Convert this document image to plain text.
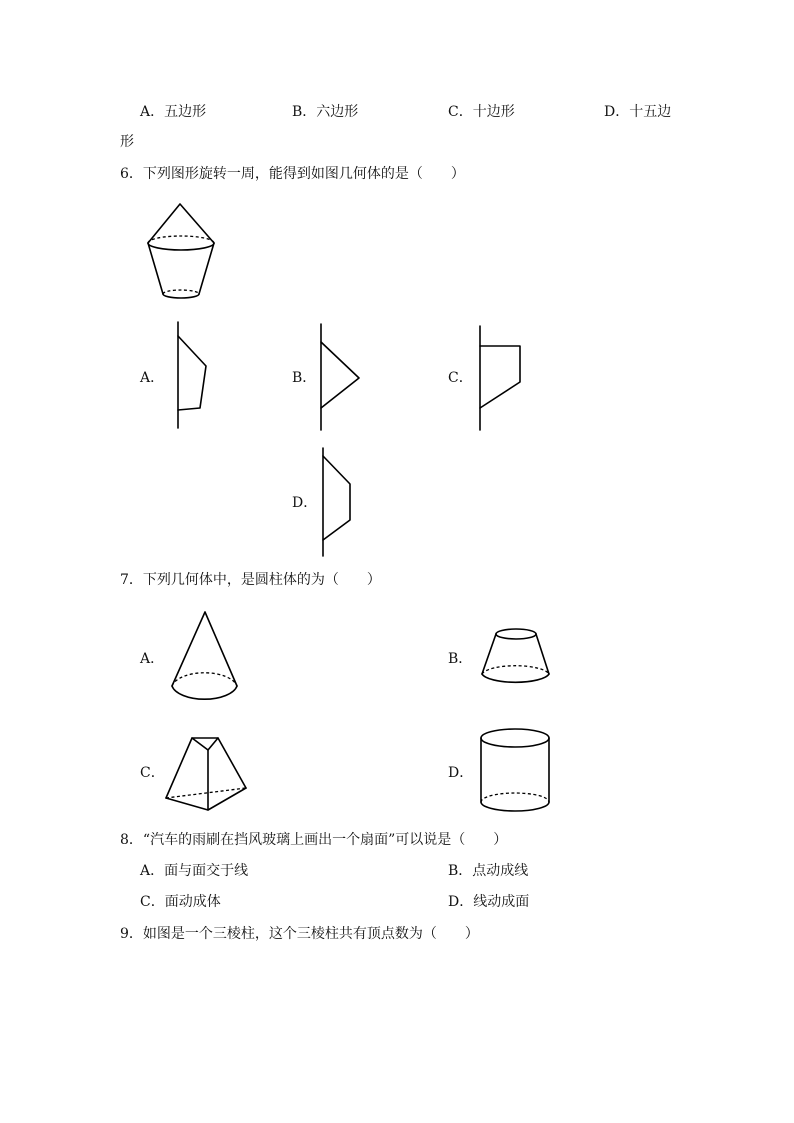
A．五边形	B．六边形	C．十边形	D．十五边
形
6．下列图形旋转一周，能得到如图几何体的是（　　）
A．	B．	C．
D．
7．下列几何体中，是圆柱体的为（　　）
A．	B．
C．	D．
8．“汽车的雨刷在挡风玻璃上画出一个扇面”可以说是（　　）
A．面与面交于线	B．点动成线
C．面动成体	D．线动成面
9．如图是一个三棱柱，这个三棱柱共有顶点数为（　　）
